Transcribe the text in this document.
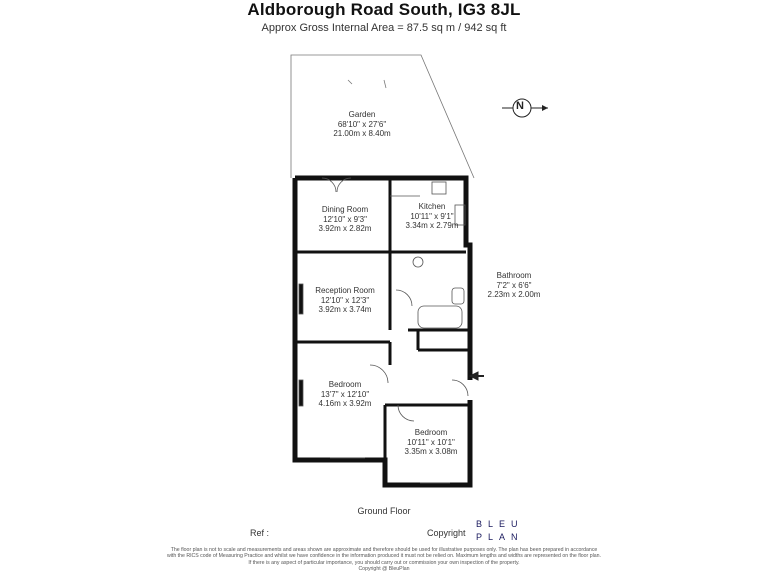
Aldborough Road South, IG3 8JL
Approx Gross Internal Area = 87.5 sq m / 942 sq ft
N
Garden
68'10" x 27'6"
21.00m x 8.40m
Dining Room
12'10" x 9'3"
3.92m x 2.82m
Kitchen
10'11" x 9'1"
3.34m x 2.79m
Bathroom
7'2" x 6'6"
2.23m x 2.00m
Reception Room
12'10" x 12'3"
3.92m x 3.74m
Bedroom
13'7" x 12'10"
4.16m x 3.92m
Bedroom
10'11" x 10'1"
3.35m x 3.08m
Ground Floor
Ref :	Copyright
BLEU
PLAN
The floor plan is not to scale and measurements and areas shown are approximate and therefore should be used for illustrative purposes only. The plan has been prepared in accordance
with the RICS code of Measuring Practice and whilst we have confidence in the information produced it must not be relied on. Maximum lengths and widths are represented on the floor plan.
If there is any aspect of particular importance, you should carry out or commission your own inspection of the property.
Copyright @ BleuPlan
